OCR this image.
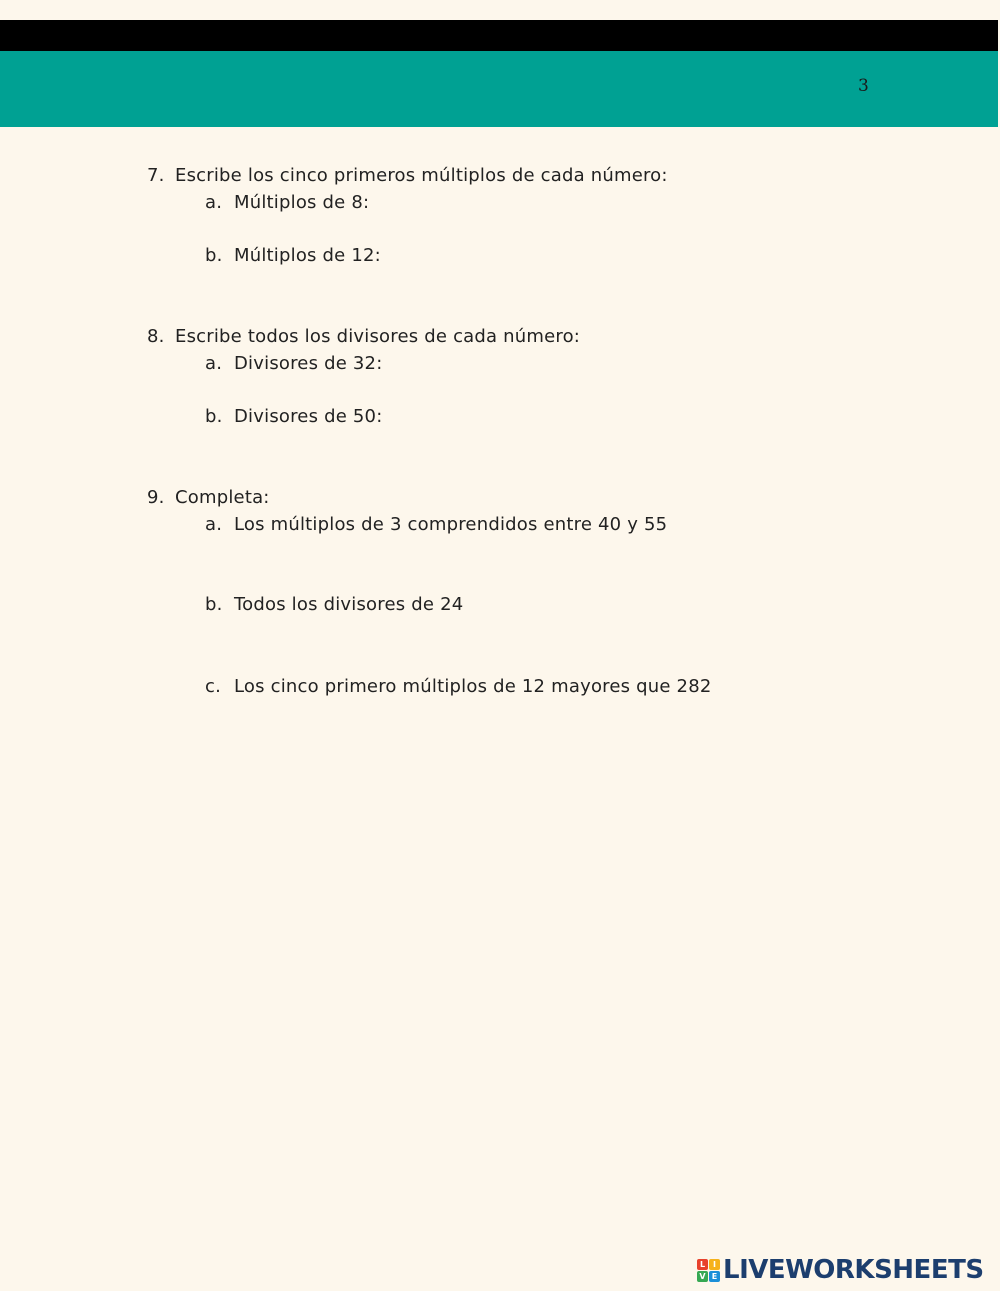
3
7. Escribe los cinco primeros múltiplos de cada número:
a. Múltiplos de 8:
b. Múltiplos de 12:
8. Escribe todos los divisores de cada número:
a. Divisores de 32:
b. Divisores de 50:
9. Completa:
a. Los múltiplos de 3 comprendidos entre 40 y 55
b. Todos los divisores de 24
c. Los cinco primero múltiplos de 12 mayores que 282
L I
V E LIVEWORKSHEETS
